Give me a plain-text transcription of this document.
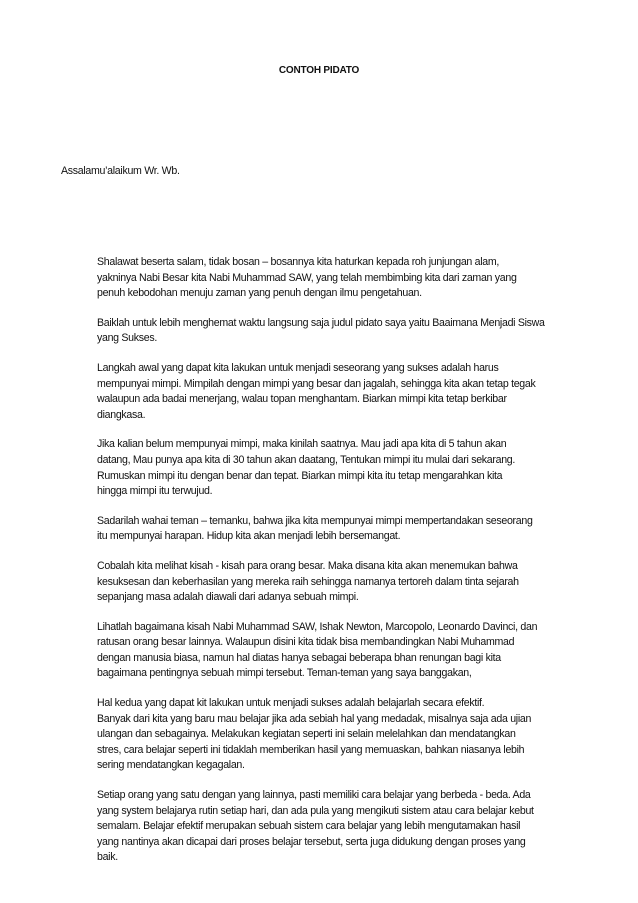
CONTOH PIDATO
Assalamu’alaikum Wr. Wb.
Shalawat beserta salam, tidak bosan – bosannya kita haturkan kepada roh junjungan alam,
yakninya Nabi Besar kita Nabi Muhammad SAW, yang telah membimbing kita dari zaman yang
penuh kebodohan menuju zaman yang penuh dengan ilmu pengetahuan.
Baiklah untuk lebih menghemat waktu langsung saja judul pidato saya yaitu Baaimana Menjadi Siswa
yang Sukses.
Langkah awal yang dapat kita lakukan untuk menjadi seseorang yang sukses adalah harus
mempunyai mimpi. Mimpilah dengan mimpi yang besar dan jagalah, sehingga kita akan tetap tegak
walaupun ada badai menerjang, walau topan menghantam. Biarkan mimpi kita tetap berkibar
diangkasa.
Jika kalian belum mempunyai mimpi, maka kinilah saatnya. Mau jadi apa kita di 5 tahun akan
datang, Mau punya apa kita di 30 tahun akan daatang, Tentukan mimpi itu mulai dari sekarang.
Rumuskan mimpi itu dengan benar dan tepat. Biarkan mimpi kita itu tetap mengarahkan kita
hingga mimpi itu terwujud.
Sadarilah wahai teman – temanku, bahwa jika kita mempunyai mimpi mempertandakan seseorang
itu mempunyai harapan. Hidup kita akan menjadi lebih bersemangat.
Cobalah kita melihat kisah - kisah para orang besar. Maka disana kita akan menemukan bahwa
kesuksesan dan keberhasilan yang mereka raih sehingga namanya tertoreh dalam tinta sejarah
sepanjang masa adalah diawali dari adanya sebuah mimpi.
Lihatlah bagaimana kisah Nabi Muhammad SAW, Ishak Newton, Marcopolo, Leonardo Davinci, dan
ratusan orang besar lainnya. Walaupun disini kita tidak bisa membandingkan Nabi Muhammad
dengan manusia biasa, namun hal diatas hanya sebagai beberapa bhan renungan bagi kita
bagaimana pentingnya sebuah mimpi tersebut. Teman-teman yang saya banggakan,
Hal kedua yang dapat kit lakukan untuk menjadi sukses adalah belajarlah secara efektif.
Banyak dari kita yang baru mau belajar jika ada sebiah hal yang medadak, misalnya saja ada ujian
ulangan dan sebagainya. Melakukan kegiatan seperti ini selain melelahkan dan mendatangkan
stres, cara belajar seperti ini tidaklah memberikan hasil yang memuaskan, bahkan niasanya lebih
sering mendatangkan kegagalan.
Setiap orang yang satu dengan yang lainnya, pasti memiliki cara belajar yang berbeda - beda. Ada
yang system belajarya rutin setiap hari, dan ada pula yang mengikuti sistem atau cara belajar kebut
semalam. Belajar efektif merupakan sebuah sistem cara belajar yang lebih mengutamakan hasil
yang nantinya akan dicapai dari proses belajar tersebut, serta juga didukung dengan proses yang
baik.
